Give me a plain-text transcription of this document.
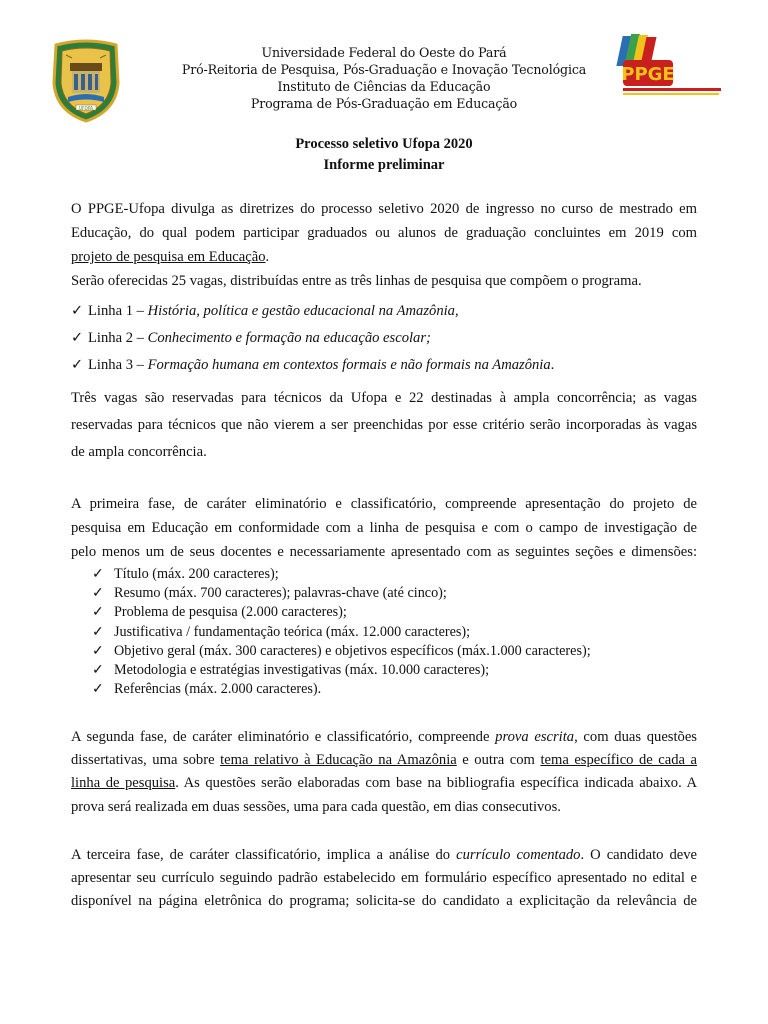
UFOPA
Universidade Federal do Oeste do Pará
Pró-Reitoria de Pesquisa, Pós-Graduação e Inovação Tecnológica
Instituto de Ciências da Educação
Programa de Pós-Graduação em Educação
PPGE
Processo seletivo Ufopa 2020
Informe preliminar
O PPGE-Ufopa divulga as diretrizes do processo seletivo 2020 de ingresso no curso de mestrado em
Educação, do qual podem participar graduados ou alunos de graduação concluintes em 2019 com
projeto de pesquisa em Educação.
Serão oferecidas 25 vagas, distribuídas entre as três linhas de pesquisa que compõem o programa.
✓ Linha 1 – História, política e gestão educacional na Amazônia,
✓ Linha 2 – Conhecimento e formação na educação escolar;
✓ Linha 3 – Formação humana em contextos formais e não formais na Amazônia.
Três vagas são reservadas para técnicos da Ufopa e 22 destinadas à ampla concorrência; as vagas
reservadas para técnicos que não vierem a ser preenchidas por esse critério serão incorporadas às vagas
de ampla concorrência.
A primeira fase, de caráter eliminatório e classificatório, compreende apresentação do projeto de
pesquisa em Educação em conformidade com a linha de pesquisa e com o campo de investigação de
pelo menos um de seus docentes e necessariamente apresentado com as seguintes seções e dimensões:
✓ Título (máx. 200 caracteres);
✓ Resumo (máx. 700 caracteres); palavras-chave (até cinco);
✓ Problema de pesquisa (2.000 caracteres);
✓ Justificativa / fundamentação teórica (máx. 12.000 caracteres);
✓ Objetivo geral (máx. 300 caracteres) e objetivos específicos (máx.1.000 caracteres);
✓ Metodologia e estratégias investigativas (máx. 10.000 caracteres);
✓ Referências (máx. 2.000 caracteres).
A segunda fase, de caráter eliminatório e classificatório, compreende prova escrita, com duas questões
dissertativas, uma sobre tema relativo à Educação na Amazônia e outra com tema específico de cada a
linha de pesquisa. As questões serão elaboradas com base na bibliografia específica indicada abaixo. A
prova será realizada em duas sessões, uma para cada questão, em dias consecutivos.
A terceira fase, de caráter classificatório, implica a análise do currículo comentado. O candidato deve
apresentar seu currículo seguindo padrão estabelecido em formulário específico apresentado no edital e
disponível na página eletrônica do programa; solicita-se do candidato a explicitação da relevância de
